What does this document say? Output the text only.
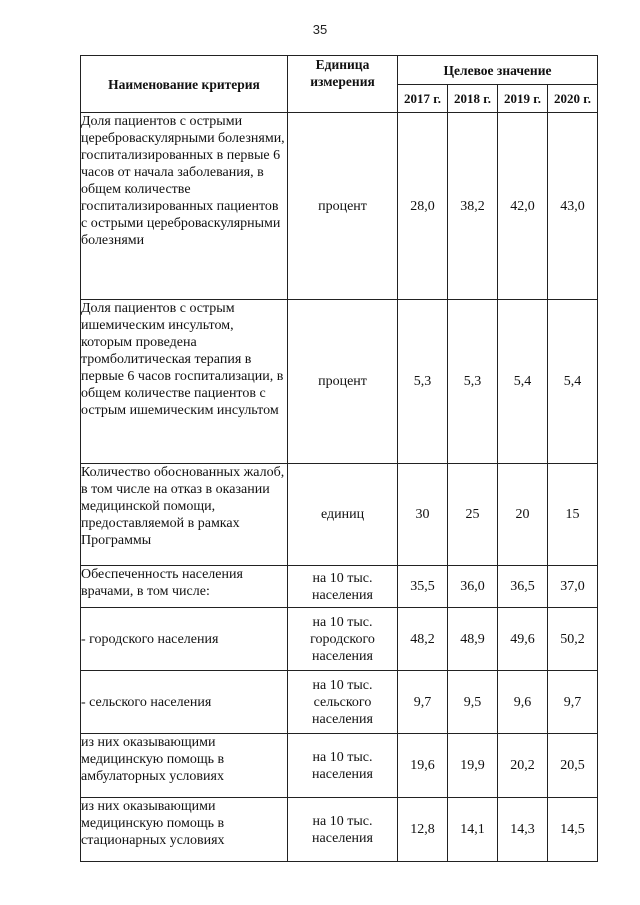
35
Наименование критерия	Единица измерения	Целевое значение			
		2017 г.	2018 г.	2019 г.	2020 г.
Доля пациентов с острыми цереброваскулярными болезнями, госпитализированных в первые 6 часов от начала заболевания, в общем количестве госпитализированных пациентов с острыми цереброваскулярными болезнями	процент	28,0	38,2	42,0	43,0
Доля пациентов с острым ишемическим инсультом, которым проведена тромболитическая терапия в первые 6 часов госпитализации, в общем количестве пациентов с острым ишемическим инсультом	процент	5,3	5,3	5,4	5,4
Количество обоснованных жалоб, в том числе на отказ в оказании медицинской помощи, предоставляемой в рамках Программы	единиц	30	25	20	15
Обеспеченность населения врачами, в том числе:	на 10 тыс. населения	35,5	36,0	36,5	37,0
- городского населения	на 10 тыс. городского населения	48,2	48,9	49,6	50,2
- сельского населения	на 10 тыс. сельского населения	9,7	9,5	9,6	9,7
из них оказывающими медицинскую помощь в амбулаторных условиях	на 10 тыс. населения	19,6	19,9	20,2	20,5
из них оказывающими медицинскую помощь в стационарных условиях	на 10 тыс. населения	12,8	14,1	14,3	14,5
